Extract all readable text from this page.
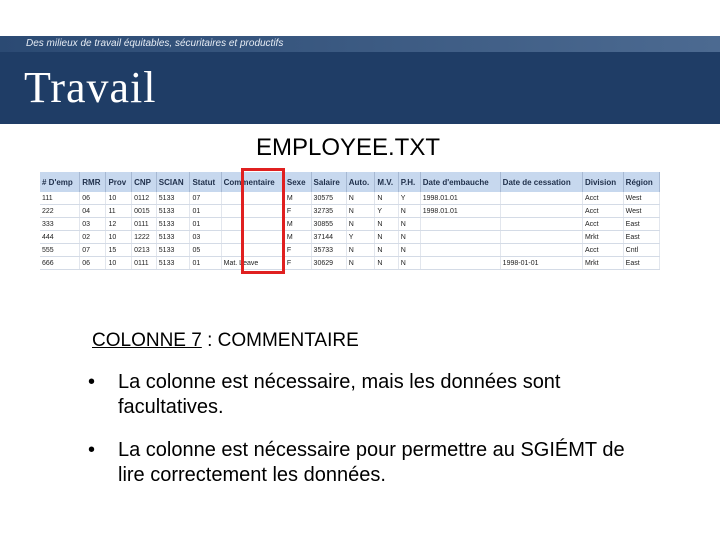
Des milieux de travail équitables, sécuritaires et productifs
Travail
EMPLOYEE.TXT
# D'emp	RMR	Prov	CNP	SCIAN	Statut	Commentaire	Sexe	Salaire	Auto.	M.V.	P.H.	Date d'embauche	Date de cessation	Division	Région
111	06	10	0112	5133	07		M	30575	N	N	Y	1998.01.01		Acct	West
222	04	11	0015	5133	01		F	32735	N	Y	N	1998.01.01		Acct	West
333	03	12	0111	5133	01		M	30855	N	N	N			Acct	East
444	02	10	1222	5133	03		M	37144	Y	N	N			Mrkt	East
555	07	15	0213	5133	05		F	35733	N	N	N			Acct	Cntl
666	06	10	0111	5133	01	Mat. Leave	F	30629	N	N	N		1998-01-01	Mrkt	East
COLONNE 7 : COMMENTAIRE
• La colonne est nécessaire, mais les données sont facultatives.
• La colonne est nécessaire pour permettre au SGIÉMT de lire correctement les données.
